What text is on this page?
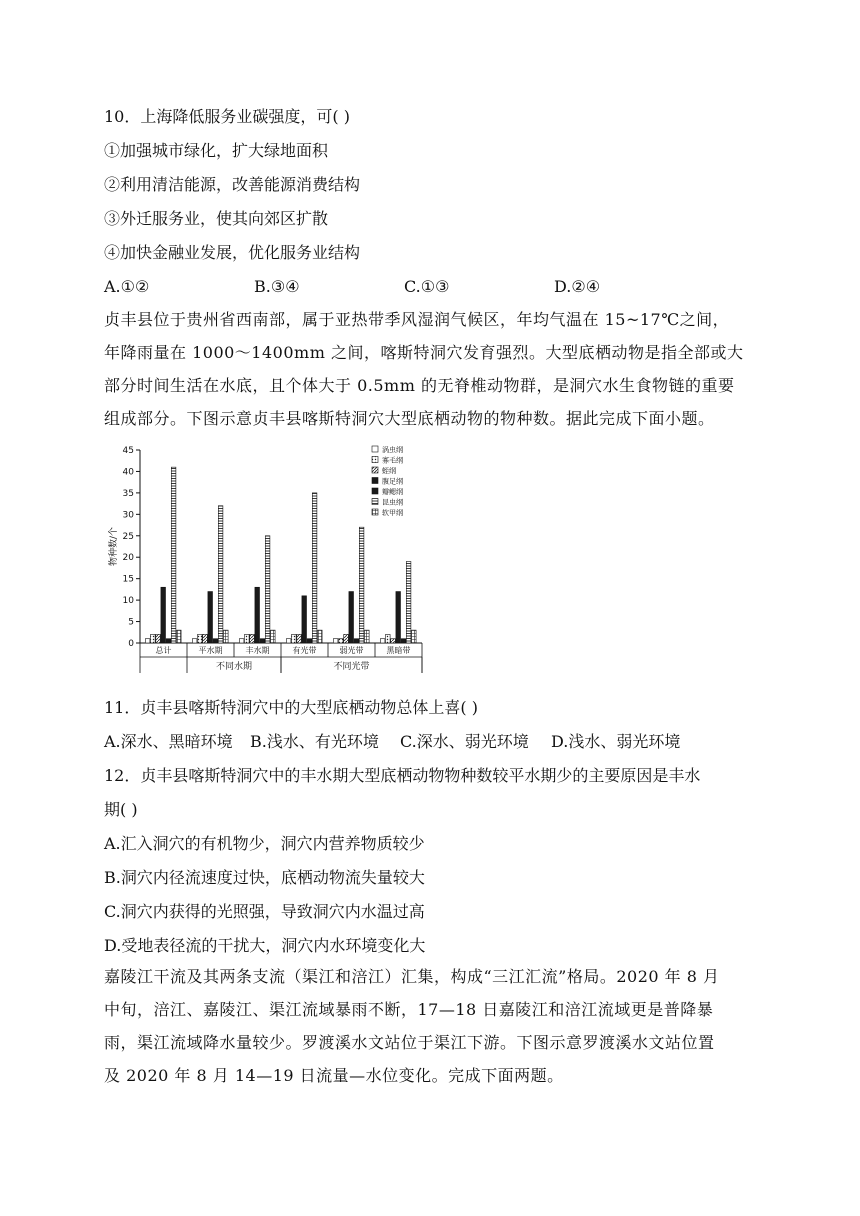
10．上海降低服务业碳强度，可( )
①加强城市绿化，扩大绿地面积
②利用清洁能源，改善能源消费结构
③外迁服务业，使其向郊区扩散
④加快金融业发展，优化服务业结构
A.①②	B.③④	C.①③	D.②④
贞丰县位于贵州省西南部，属于亚热带季风湿润气候区，年均气温在 15~17℃之间，
年降雨量在 1000～1400mm 之间，喀斯特洞穴发育强烈。大型底栖动物是指全部或大
部分时间生活在水底，且个体大于 0.5mm 的无脊椎动物群，是洞穴水生食物链的重要
组成部分。下图示意贞丰县喀斯特洞穴大型底栖动物的物种数。据此完成下面小题。
0
5
10
15
20
25
30
35
40
45
物种数/个
总计	平水期	丰水期	有光带	弱光带	黑暗带
不同水期	不同光带
涡虫纲
寡毛纲
蛭纲
腹足纲
瓣鳃纲
昆虫纲
软甲纲
11．贞丰县喀斯特洞穴中的大型底栖动物总体上喜( )
A.深水、黑暗环境 B.浅水、有光环境 C.深水、弱光环境 D.浅水、弱光环境
12．贞丰县喀斯特洞穴中的丰水期大型底栖动物物种数较平水期少的主要原因是丰水
期( )
A.汇入洞穴的有机物少，洞穴内营养物质较少
B.洞穴内径流速度过快，底栖动物流失量较大
C.洞穴内获得的光照强，导致洞穴内水温过高
D.受地表径流的干扰大，洞穴内水环境变化大
嘉陵江干流及其两条支流（渠江和涪江）汇集，构成“三江汇流”格局。2020 年 8 月
中旬，涪江、嘉陵江、渠江流域暴雨不断，17—18 日嘉陵江和涪江流域更是普降暴
雨，渠江流域降水量较少。罗渡溪水文站位于渠江下游。下图示意罗渡溪水文站位置
及 2020 年 8 月 14—19 日流量—水位变化。完成下面两题。
